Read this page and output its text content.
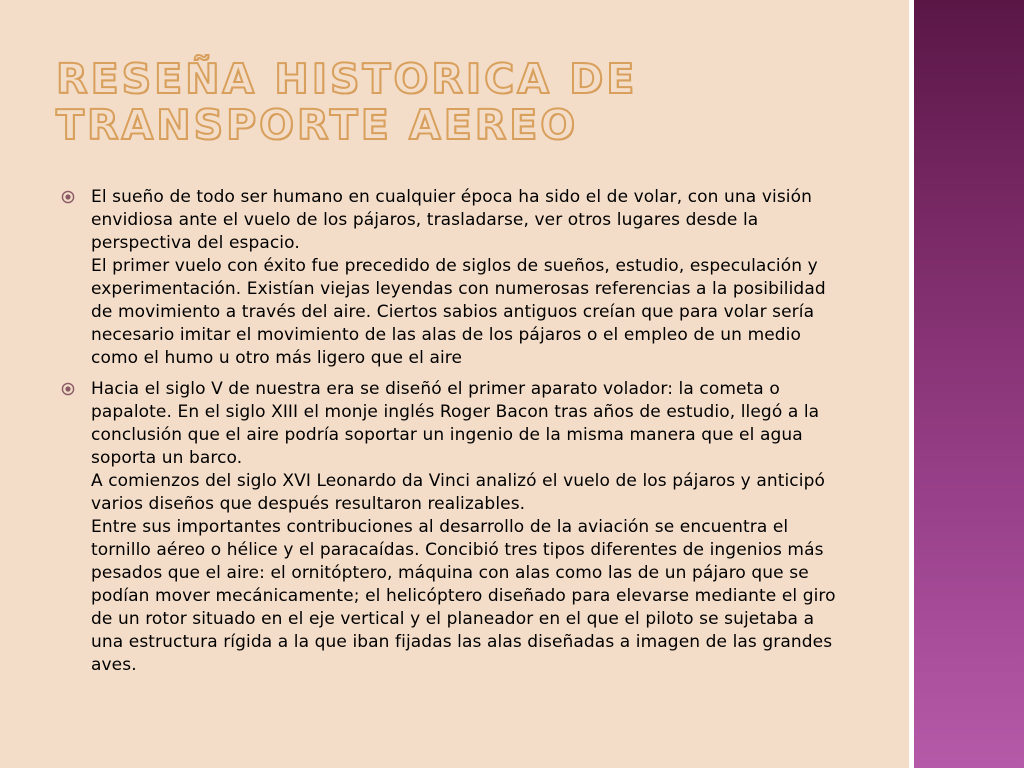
RESEÑA HISTORICA DE
TRANSPORTE AEREO
El sueño de todo ser humano en cualquier época ha sido el de volar, con una visión envidiosa ante el vuelo de los pájaros, trasladarse, ver otros lugares desde la perspectiva del espacio.
El primer vuelo con éxito fue precedido de siglos de sueños, estudio, especulación y experimentación. Existían viejas leyendas con numerosas referencias a la posibilidad de movimiento a través del aire. Ciertos sabios antiguos creían que para volar sería necesario imitar el movimiento de las alas de los pájaros o el empleo de un medio como el humo u otro más ligero que el aire
Hacia el siglo V de nuestra era se diseñó el primer aparato volador: la cometa o papalote. En el siglo XIII el monje inglés Roger Bacon tras años de estudio, llegó a la conclusión que el aire podría soportar un ingenio de la misma manera que el agua soporta un barco.
A comienzos del siglo XVI Leonardo da Vinci analizó el vuelo de los pájaros y anticipó varios diseños que después resultaron realizables.
Entre sus importantes contribuciones al desarrollo de la aviación se encuentra el tornillo aéreo o hélice y el paracaídas. Concibió tres tipos diferentes de ingenios más pesados que el aire: el ornitóptero, máquina con alas como las de un pájaro que se podían mover mecánicamente; el helicóptero diseñado para elevarse mediante el giro de un rotor situado en el eje vertical y el planeador en el que el piloto se sujetaba a una estructura rígida a la que iban fijadas las alas diseñadas a imagen de las grandes aves.
